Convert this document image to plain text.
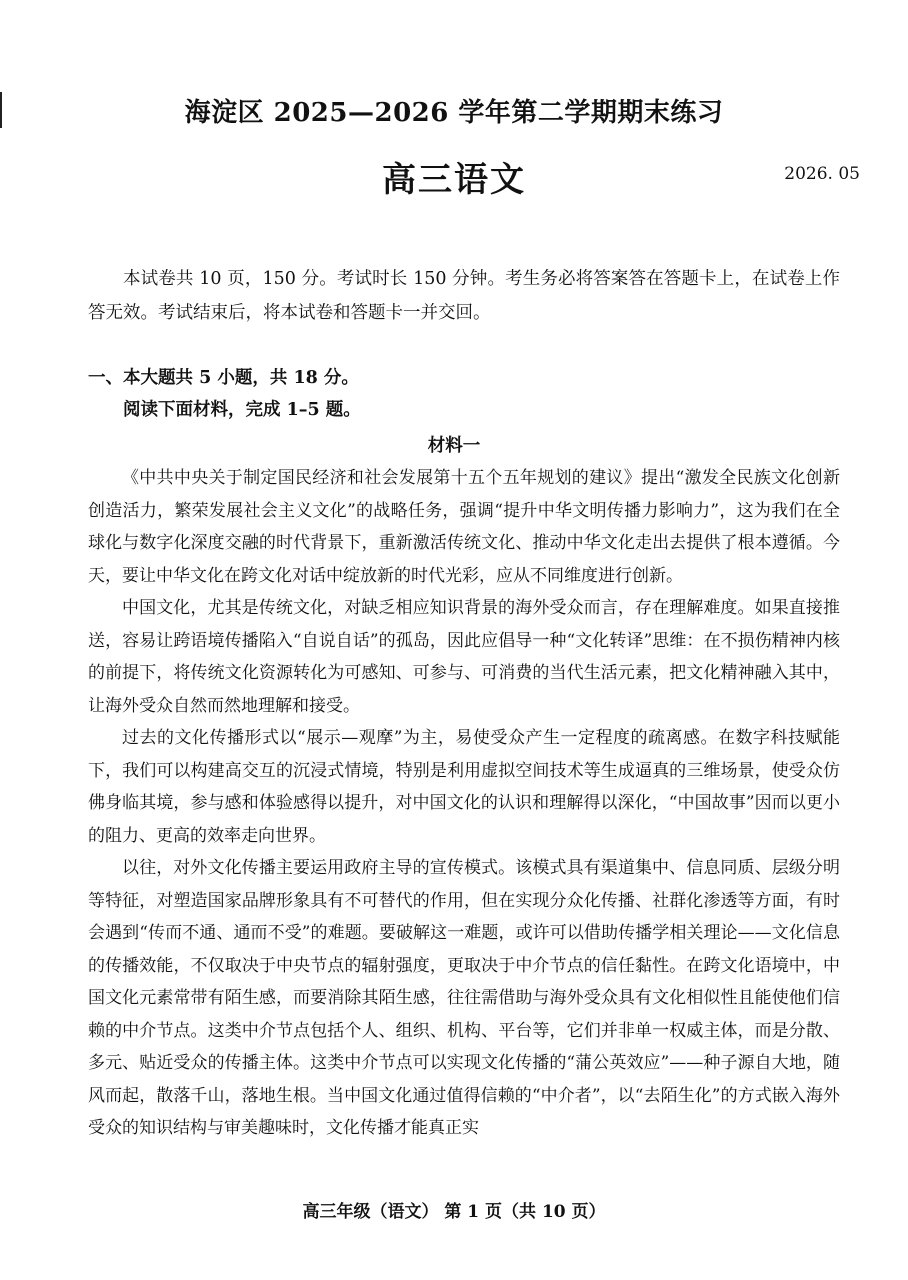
海淀区 2025—2026 学年第二学期期末练习
高三语文	2026. 05
本试卷共 10 页，150 分。考试时长 150 分钟。考生务必将答案答在答题卡上，在试卷上作答无效。考试结束后，将本试卷和答题卡一并交回。
一、本大题共 5 小题，共 18 分。
阅读下面材料，完成 1–5 题。
材料一

《中共中央关于制定国民经济和社会发展第十五个五年规划的建议》提出“激发全民族文化创新创造活力，繁荣发展社会主义文化”的战略任务，强调“提升中华文明传播力影响力”，这为我们在全球化与数字化深度交融的时代背景下，重新激活传统文化、推动中华文化走出去提供了根本遵循。今天，要让中华文化在跨文化对话中绽放新的时代光彩，应从不同维度进行创新。

中国文化，尤其是传统文化，对缺乏相应知识背景的海外受众而言，存在理解难度。如果直接推送，容易让跨语境传播陷入“自说自话”的孤岛，因此应倡导一种“文化转译”思维：在不损伤精神内核的前提下，将传统文化资源转化为可感知、可参与、可消费的当代生活元素，把文化精神融入其中，让海外受众自然而然地理解和接受。

过去的文化传播形式以“展示—观摩”为主，易使受众产生一定程度的疏离感。在数字科技赋能下，我们可以构建高交互的沉浸式情境，特别是利用虚拟空间技术等生成逼真的三维场景，使受众仿佛身临其境，参与感和体验感得以提升，对中国文化的认识和理解得以深化，“中国故事”因而以更小的阻力、更高的效率走向世界。

以往，对外文化传播主要运用政府主导的宣传模式。该模式具有渠道集中、信息同质、层级分明等特征，对塑造国家品牌形象具有不可替代的作用，但在实现分众化传播、社群化渗透等方面，有时会遇到“传而不通、通而不受”的难题。要破解这一难题，或许可以借助传播学相关理论——文化信息的传播效能，不仅取决于中央节点的辐射强度，更取决于中介节点的信任黏性。在跨文化语境中，中国文化元素常带有陌生感，而要消除其陌生感，往往需借助与海外受众具有文化相似性且能使他们信赖的中介节点。这类中介节点包括个人、组织、机构、平台等，它们并非单一权威主体，而是分散、多元、贴近受众的传播主体。这类中介节点可以实现文化传播的“蒲公英效应”——种子源自大地，随风而起，散落千山，落地生根。当中国文化通过值得信赖的“中介者”，以“去陌生化”的方式嵌入海外受众的知识结构与审美趣味时，文化传播才能真正实

高三年级（语文） 第 1 页（共 10 页）
